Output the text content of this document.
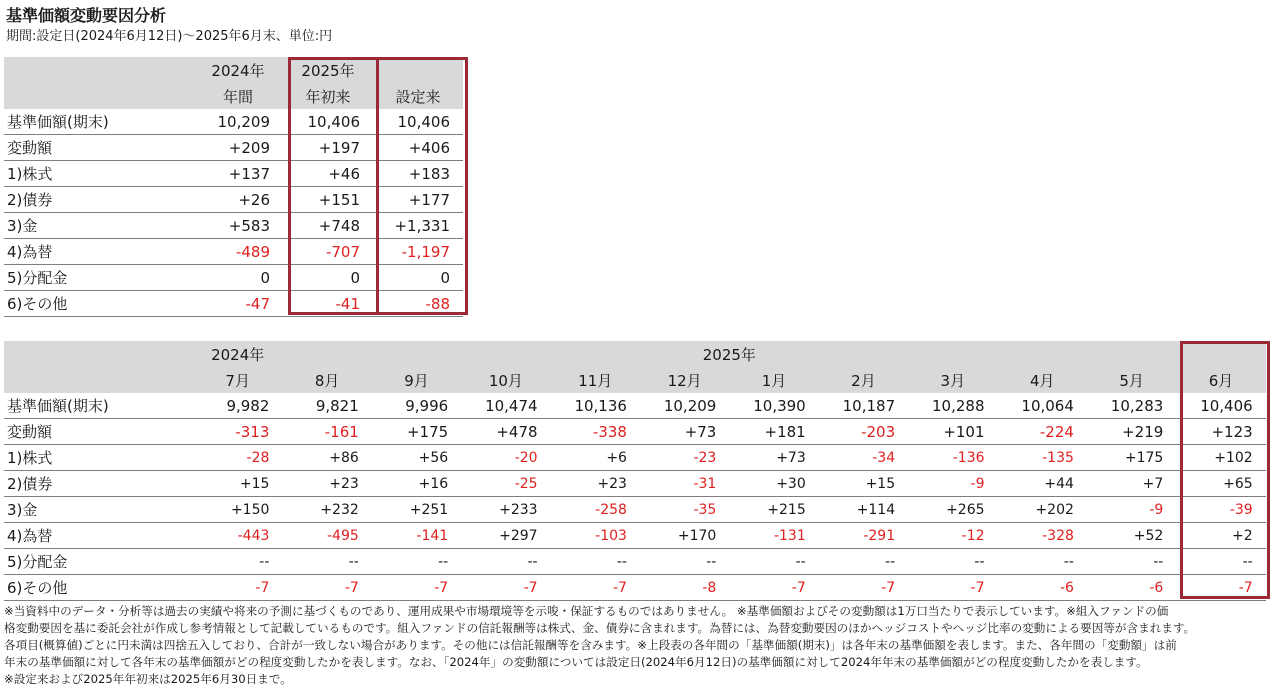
基準価額変動要因分析
期間:設定日(2024年6月12日)～2025年6月末、単位:円
	2024年	2025年	
	年間	年初来	設定来
基準価額(期末)	10,209	10,406	10,406
変動額	+209	+197	+406
1)株式	+137	+46	+183
2)債券	+26	+151	+177
3)金	+583	+748	+1,331
4)為替	-489	-707	-1,197
5)分配金	0	0	0
6)その他	-47	-41	-88
	2024年	2025年										
	7月	8月	9月	10月	11月	12月	1月	2月	3月	4月	5月	6月
基準価額(期末)	9,982	9,821	9,996	10,474	10,136	10,209	10,390	10,187	10,288	10,064	10,283	10,406
変動額	-313	-161	+175	+478	-338	+73	+181	-203	+101	-224	+219	+123
1)株式	-28	+86	+56	-20	+6	-23	+73	-34	-136	-135	+175	+102
2)債券	+15	+23	+16	-25	+23	-31	+30	+15	-9	+44	+7	+65
3)金	+150	+232	+251	+233	-258	-35	+215	+114	+265	+202	-9	-39
4)為替	-443	-495	-141	+297	-103	+170	-131	-291	-12	-328	+52	+2
5)分配金	--	--	--	--	--	--	--	--	--	--	--	--
6)その他	-7	-7	-7	-7	-7	-8	-7	-7	-7	-6	-6	-7
※当資料中のデータ・分析等は過去の実績や将来の予測に基づくものであり、運用成果や市場環境等を示唆・保証するものではありません。 ※基準価額およびその変動額は1万口当たりで表示しています。※組入ファンドの価
格変動要因を基に委託会社が作成し参考情報として記載しているものです。組入ファンドの信託報酬等は株式、金、債券に含まれます。為替には、為替変動要因のほかヘッジコストやヘッジ比率の変動による要因等が含まれます。
各項目(概算値)ごとに円未満は四捨五入しており、合計が一致しない場合があります。その他には信託報酬等を含みます。※上段表の各年間の「基準価額(期末)」は各年末の基準価額を表します。また、各年間の「変動額」は前
年末の基準価額に対して各年末の基準価額がどの程度変動したかを表します。なお、「2024年」の変動額については設定日(2024年6月12日)の基準価額に対して2024年年末の基準価額がどの程度変動したかを表します。
※設定来および2025年年初来は2025年6月30日まで。
